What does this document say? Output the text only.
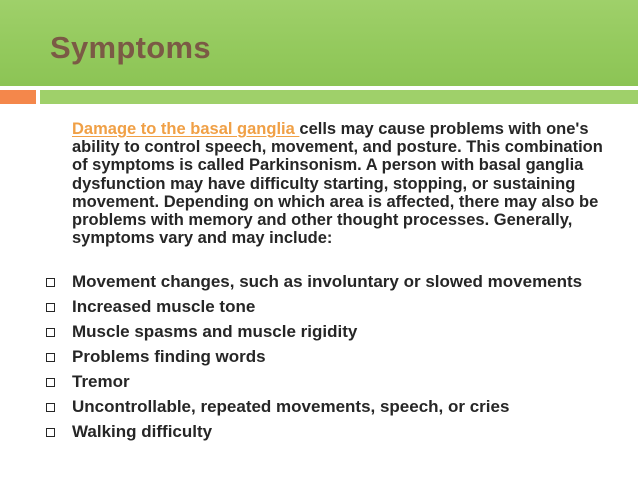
Symptoms

Damage to the basal ganglia cells may cause problems with one's ability to control speech, movement, and posture. This combination of symptoms is called Parkinsonism. A person with basal ganglia dysfunction may have difficulty starting, stopping, or sustaining movement. Depending on which area is affected, there may also be problems with memory and other thought processes. Generally, symptoms vary and may include:

Movement changes, such as involuntary or slowed movements
Increased muscle tone
Muscle spasms and muscle rigidity
Problems finding words
Tremor
Uncontrollable, repeated movements, speech, or cries
Walking difficulty
